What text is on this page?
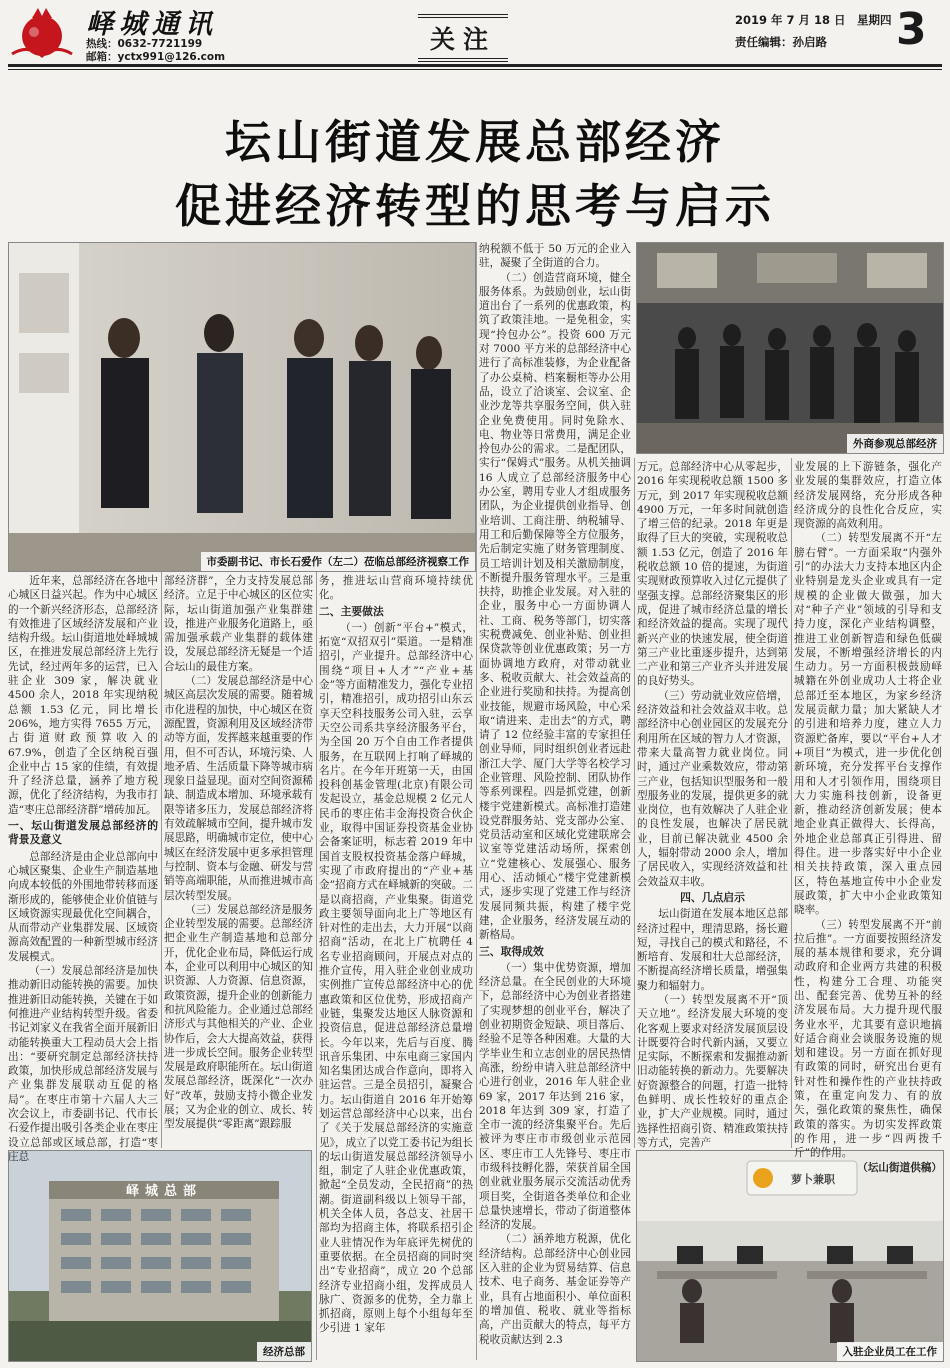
峄城通讯
热线：0632-7721199
邮箱：yctx991@126.com
关注
2019 年 7 月 18 日　星期四
责任编辑：孙启路 3
坛山街道发展总部经济
促进经济转型的思考与启示
市委副书记、市长石爱作（左二）莅临总部经济视察工作
外商参观总部经济
峄城总部
经济总部
萝卜兼职
入驻企业员工在工作

近年来，总部经济在各地中心城区日益兴起。作为中心城区的一个新兴经济形态，总部经济有效推进了区域经济发展和产业结构升级。坛山街道地处峄城城区，在推进发展总部经济上先行先试，经过两年多的运营，已入驻企业 309 家，解决就业 4500 余人，2018 年实现纳税总额 1.53 亿元，同比增长 206%，地方实得 7655 万元，占街道财政预算收入的 67.9%，创造了全区纳税百强企业中占 15 家的佳绩，有效提升了经济总量，涵养了地方税源，优化了经济结构，为我市打造“枣庄总部经济群”增砖加瓦。

一、坛山街道发展总部经济的背景及意义

总部经济是由企业总部向中心城区聚集、企业生产制造基地向成本较低的外围地带转移而逐渐形成的，能够使企业价值链与区域资源实现最优化空间耦合，从而带动产业集群发展、区域资源高效配置的一种新型城市经济发展模式。

（一）发展总部经济是加快推动新旧动能转换的需要。加快推进新旧动能转换，关键在于如何推进产业结构转型升级。省委书记刘家义在我省全面开展新旧动能转换重大工程动员大会上指出：“要研究制定总部经济扶持政策，加快形成总部经济发展与产业集群发展联动互促的格局”。在枣庄市第十六届人大三次会议上，市委副书记、代市长石爱作提出吸引各类企业在枣庄设立总部或区域总部，打造“枣庄总

部经济群”，全力支持发展总部经济。立足于中心城区的区位实际，坛山街道加强产业集群建设，推进产业服务化道路上，亟需加强承载产业集群的载体建设，发展总部经济无疑是一个适合坛山的最佳方案。

（二）发展总部经济是中心城区高层次发展的需要。随着城市化进程的加快，中心城区在资源配置，资源利用及区域经济带动等方面，发挥越来越重要的作用，但不可否认，环境污染、人地矛盾、生活质量下降等城市病现象日益显现。面对空间资源稀缺、制造成本增加、环境承载有限等诸多压力，发展总部经济将有效疏解城市空间，提升城市发展思路，明确城市定位，使中心城区在经济发展中更多承担管理与控制、资本与金融、研发与营销等高端职能，从而推进城市高层次转型发展。

（三）发展总部经济是服务企业转型发展的需要。总部经济把企业生产制造基地和总部分开，优化企业布局，降低运行成本，企业可以利用中心城区的知识资源、人力资源、信息资源，政策资源，提升企业的创新能力和抗风险能力。企业通过总部经济形式与其他相关的产业、企业协作后，会大大提高效益，获得进一步成长空间。服务企业转型发展是政府职能所在。坛山街道发展总部经济，既深化“一次办好”改革，鼓励支持小微企业发展；又为企业的创立、成长、转型发展提供“零距离”跟踪服

务，推进坛山营商环境持续优化。

二、主要做法

（一）创新“平台+”模式，拓宽“双招双引”渠道。一是精准招引，产业提升。总部经济中心围绕“项目+人才”“产业+基金”等方面精准发力，强化专业招引，精准招引，成功招引山东云享天空科技服务公司入驻，云享天空公司系共享经济服务平台，为全国 20 万个自由工作者提供服务，在互联网上打响了峄城的名片。在今年开班第一天，由国投科创基金管理(北京)有限公司发起设立，基金总规模 2 亿元人民币的枣庄佑丰金海投资合伙企业，取得中国证券投资基金业协会备案证明，标志着 2019 年中国首支股权投资基金落户峄城，实现了市政府提出的“产业+基金”招商方式在峄城新的突破。二是以商招商，产业集聚。街道党政主要领导面向北上广等地区有针对性的走出去，大力开展“以商招商”活动，在北上广杭聘任 4 名专业招商顾问，开展点对点的推介宣传，用入驻企业创业成功实例推广宣传总部经济中心的优惠政策和区位优势，形成招商产业链，集聚发达地区人脉资源和投资信息，促进总部经济总量增长。今年以来，先后与百度、腾讯音乐集团、中东电商三家国内知名集团达成合作意向，即将入驻运营。三是全员招引，凝聚合力。坛山街道自 2016 年开始筹划运营总部经济中心以来，出台了《关于发展总部经济的实施意见》，成立了以党工委书记为组长的坛山街道发展总部经济领导小组，制定了人驻企业优惠政策，掀起“全员发动，全民招商”的热潮。街道副科级以上领导干部，机关全体人员，各总支、社居干部均为招商主体，将联系招引企业人驻情况作为年底评先树优的重要依据。在全员招商的同时突出“专业招商”，成立 20 个总部经济专业招商小组，发挥成员人脉广、资源多的优势，全力靠上抓招商，原则上每个小组每年至少引进 1 家年

纳税额不低于 50 万元的企业入驻，凝聚了全街道的合力。

（二）创造营商环境，健全服务体系。为鼓励创业，坛山街道出台了一系列的优惠政策，构筑了政策洼地。一是免租金，实现“拎包办公”。投资 600 万元对 7000 平方米的总部经济中心进行了高标准装修，为企业配备了办公桌椅、档案橱柜等办公用品，设立了洽谈室、会议室、企业沙龙等共享服务空间，供入驻企业免费使用。同时免除水、电、物业等日常费用，满足企业拎包办公的需求。二是配团队，实行“保姆式”服务。从机关抽调 16 人成立了总部经济服务中心办公室，聘用专业人才组成服务团队，为企业提供创业指导、创业培训、工商注册、纳税辅导、用工和后勤保障等全方位服务，先后制定实施了财务管理制度、员工培训计划及相关激励制度，不断提升服务管理水平。三是重扶持，助推企业发展。对入驻的企业，服务中心一方面协调人社、工商、税务等部门，切实落实税费减免、创业补贴、创业担保贷款等创业优惠政策；另一方面协调地方政府，对带动就业多、税收贡献大、社会效益高的企业进行奖励和扶持。为提高创业技能，规避市场风险，中心采取“请进来、走出去”的方式，聘请了 12 位经验丰富的专家担任创业导师，同时组织创业者远赴浙江大学、厦门大学等名校学习企业管理、风险控制、团队协作等系列课程。四是抓党建，创新楼宇党建新模式。高标准打造建设党群服务站、党支部办公室、党员活动室和区域化党建联席会议室等党建活动场所，探索创立“党建核心、发展强心、服务用心、活动倾心”楼宇党建新模式，逐步实现了党建工作与经济发展同频共振，构建了楼宇党建，企业服务，经济发展互动的新格局。

三、取得成效

（一）集中优势资源，增加经济总量。在全民创业的大环境下，总部经济中心为创业者搭建了实现梦想的创业平台，解决了创业初期资金短缺、项目落后、经验不足等各种困难。大量的大学毕业生和立志创业的居民热情高涨，纷纷申请入驻总部经济中心进行创业，2016 年人驻企业 69 家，2017 年达到 216 家，2018 年达到 309 家，打造了全市一流的经济集聚平台。先后被评为枣庄市市级创业示范园区、枣庄市工人先锋号、枣庄市市级科技孵化器，荣获首届全国创业就业服务展示交流活动优秀项目奖，全街道各类单位和企业总量快速增长，带动了街道整体经济的发展。

（二）涵养地方税源，优化经济结构。总部经济中心创业园区入驻的企业为贸易结算、信息技术、电子商务、基金证券等产业，具有占地面积小、单位面积的增加值、税收、就业等指标高，产出贡献大的特点，每平方税收贡献达到 2.3

万元。总部经济中心从零起步，2016 年实现税收总额 1500 多万元，到 2017 年实现税收总额 4900 万元，一年多时间就创造了增三倍的纪录。2018 年更是取得了巨大的突破，实现税收总额 1.53 亿元，创造了 2016 年税收总额 10 倍的提速，为街道实现财政预算收入过亿元提供了坚强支撑。总部经济聚集区的形成，促进了城市经济总量的增长和经济效益的提高。实现了现代新兴产业的快速发展，使全街道第三产业比重逐步提升，达到第二产业和第三产业齐头并进发展的良好势头。

（三）劳动就业效应倍增，经济效益和社会效益双丰收。总部经济中心创业园区的发展充分利用所在区域的智力人才资源，带来大量高智力就业岗位。同时，通过产业乘数效应，带动第三产业，包括知识型服务和一般型服务业的发展，提供更多的就业岗位，也有效解决了人驻企业的良性发展，也解决了居民就业，目前已解决就业 4500 余人，辐射带动 2000 余人，增加了居民收入，实现经济效益和社会效益双丰收。

四、几点启示

坛山街道在发展本地区总部经济过程中，理清思路，扬长避短，寻找自己的模式和路径，不断培育、发展和壮大总部经济，不断提高经济增长质量，增强集聚力和辐射力。

（一）转型发展离不开“顶天立地”。经济发展大环境的变化客观上要求对经济发展顶层设计既要符合时代新内涵，又要立足实际，不断探索和发掘推动新旧动能转换的新动力。先要解决好资源整合的问题，打造一批特色鲜明、成长性较好的重点企业，扩大产业规模。同时，通过选择性招商引资、精准政策扶持等方式，完善产

业发展的上下游链条，强化产业发展的集群效应，打造立体经济发展网络，充分形成各种经济成分的良性化合反应，实现资源的高效利用。

（二）转型发展离不开“左膀右臂”。一方面采取“内强外引”的办法大力支持本地区内企业特别是龙头企业或具有一定规模的企业做大做强，加大对“种子产业”领域的引导和支持力度，深化产业结构调整，推进工业创新智造和绿色低碳发展，不断增强经济增长的内生动力。另一方面积极鼓励峄城籍在外创业成功人士将企业总部迁至本地区，为家乡经济发展贡献力量；加大紧缺人才的引进和培养力度，建立人力资源贮备库，要以“平台+人才+项目”为模式，进一步优化创新环境，充分发挥平台支撑作用和人才引领作用，围绕项目大力实施科技创新，设备更新，推动经济创新发展；使本地企业真正做得大、长得高，外地企业总部真正引得进、留得住。进一步落实好中小企业相关扶持政策，深入重点园区，特色基地宣传中小企业发展政策，扩大中小企业政策知晓率。

（三）转型发展离不开“前拉后推”。一方面要按照经济发展的基本规律和要求，充分调动政府和企业两方共建的积极性，构建分工合理、功能突出、配套完善、优势互补的经济发展布局。大力提升现代服务业水平，尤其要有意识地搞好适合商业会谈服务设施的规划和建设。另一方面在抓好现有政策的同时，研究出台更有针对性和操作性的产业扶持政策，在重定向发力、有的放矢，强化政策的聚焦性，确保政策的落实。为切实发挥政策的作用，进一步“四两拨千斤”的作用。

（坛山街道供稿）
